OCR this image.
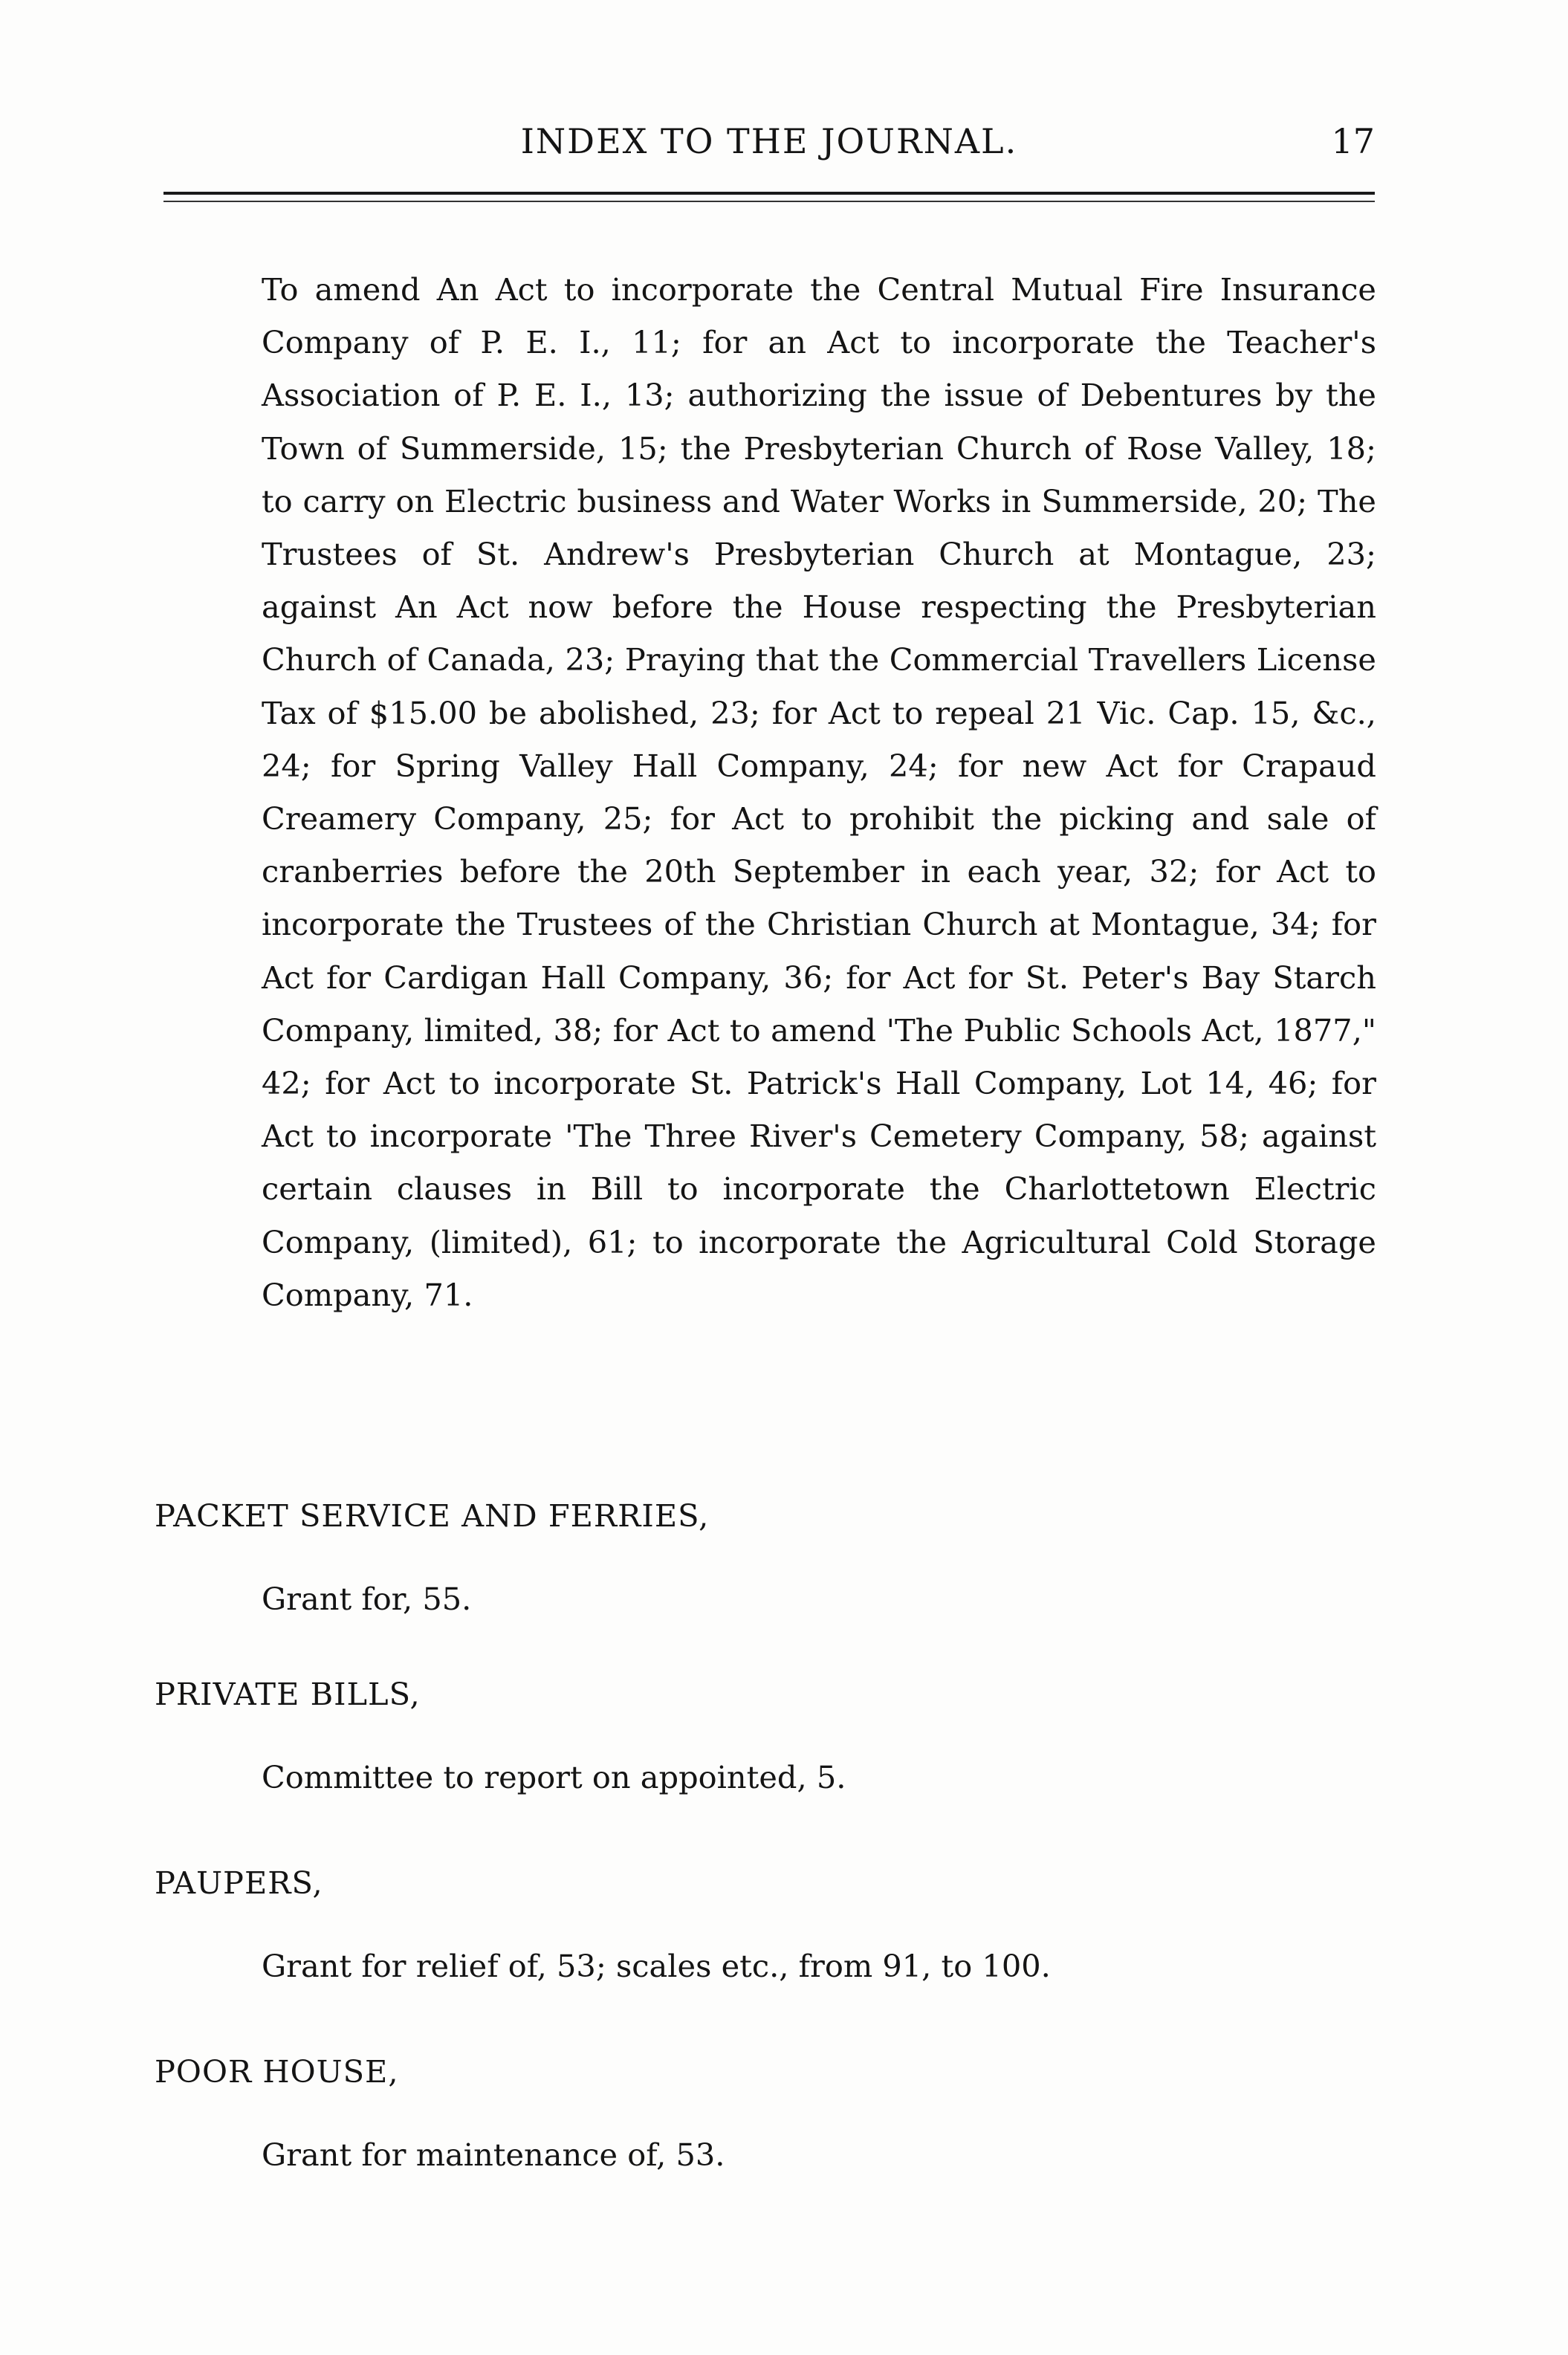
INDEX TO THE JOURNAL.	17

To amend An Act to incorporate the Central Mutual Fire Insurance Company of P. E. I., 11; for an Act to incorporate the Teacher's Association of P. E. I., 13; authorizing the issue of Debentures by the Town of Summerside, 15; the Presbyterian Church of Rose Valley, 18; to carry on Electric business and Water Works in Summerside, 20; The Trustees of St. Andrew's Presbyterian Church at Montague, 23; against An Act now before the House respecting the Presbyterian Church of Canada, 23; Praying that the Commercial Travellers License Tax of $15.00 be abolished, 23; for Act to repeal 21 Vic. Cap. 15, &c., 24; for Spring Valley Hall Company, 24; for new Act for Crapaud Creamery Company, 25; for Act to prohibit the picking and sale of cranberries before the 20th September in each year, 32; for Act to incorporate the Trustees of the Christian Church at Montague, 34; for Act for Cardigan Hall Company, 36; for Act for St. Peter's Bay Starch Company, limited, 38; for Act to amend 'The Public Schools Act, 1877," 42; for Act to incorporate St. Patrick's Hall Company, Lot 14, 46; for Act to incorporate 'The Three River's Cemetery Company, 58; against certain clauses in Bill to incorporate the Charlottetown Electric Company, (limited), 61; to incorporate the Agricultural Cold Storage Company, 71.

PACKET SERVICE AND FERRIES,

Grant for, 55.

PRIVATE BILLS,

Committee to report on appointed, 5.

PAUPERS,

Grant for relief of, 53; scales etc., from 91, to 100.

POOR HOUSE,

Grant for maintenance of, 53.
